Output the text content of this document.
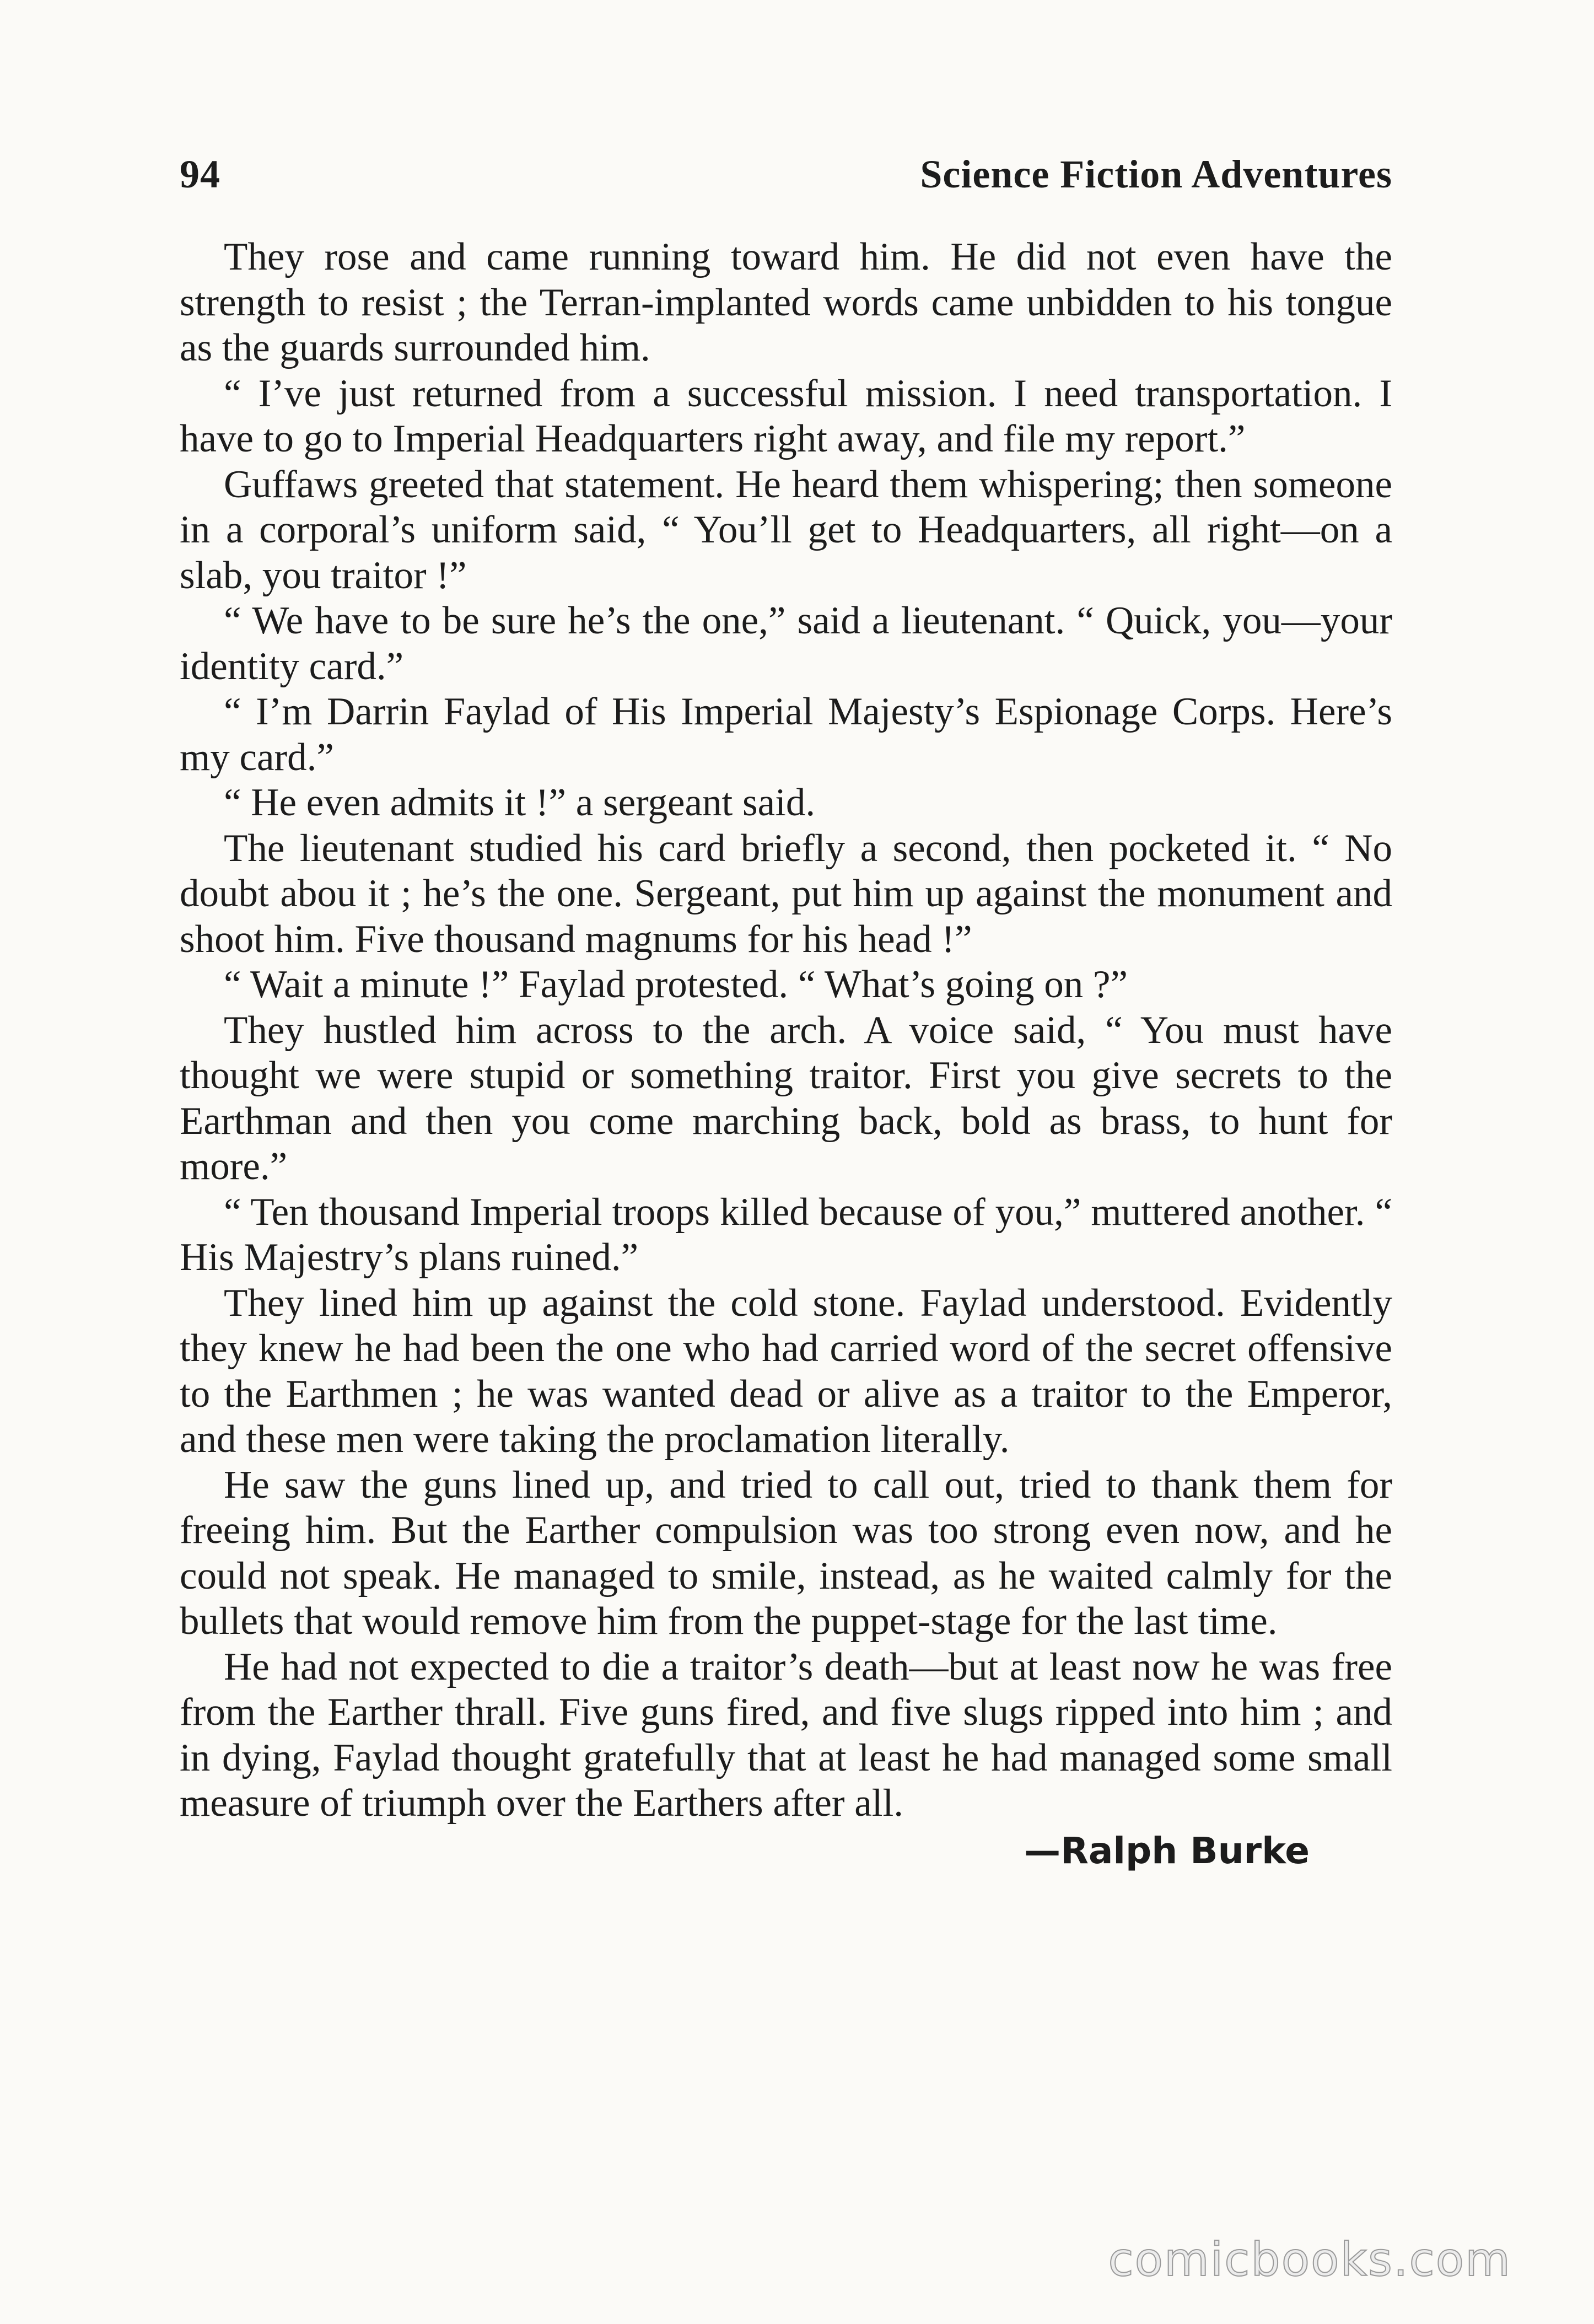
94	Science Fiction Adventures

They rose and came running toward him. He did not even have the strength to resist ; the Terran-implanted words came unbidden to his tongue as the guards surrounded him.

“ I’ve just returned from a successful mission. I need transportation. I have to go to Imperial Headquarters right away, and file my report.”

Guffaws greeted that statement. He heard them whispering; then someone in a corporal’s uniform said, “ You’ll get to Headquarters, all right—on a slab, you traitor !”

“ We have to be sure he’s the one,” said a lieutenant. “ Quick, you—your identity card.”

“ I’m Darrin Faylad of His Imperial Majesty’s Espionage Corps. Here’s my card.”

“ He even admits it !” a sergeant said.

The lieutenant studied his card briefly a second, then pocketed it. “ No doubt abou it ; he’s the one. Sergeant, put him up against the monument and shoot him. Five thousand magnums for his head !”

“ Wait a minute !” Faylad protested. “ What’s going on ?”

They hustled him across to the arch. A voice said, “ You must have thought we were stupid or something traitor. First you give secrets to the Earthman and then you come marching back, bold as brass, to hunt for more.”

“ Ten thousand Imperial troops killed because of you,” muttered another. “ His Majestry’s plans ruined.”

They lined him up against the cold stone. Faylad understood. Evidently they knew he had been the one who had carried word of the secret offensive to the Earthmen ; he was wanted dead or alive as a traitor to the Emperor, and these men were taking the proclamation literally.

He saw the guns lined up, and tried to call out, tried to thank them for freeing him. But the Earther compulsion was too strong even now, and he could not speak. He managed to smile, instead, as he waited calmly for the bullets that would remove him from the puppet-stage for the last time.

He had not expected to die a traitor’s death—but at least now he was free from the Earther thrall. Five guns fired, and five slugs ripped into him ; and in dying, Faylad thought gratefully that at least he had managed some small measure of triumph over the Earthers after all.

—Ralph Burke
comicbooks.com
